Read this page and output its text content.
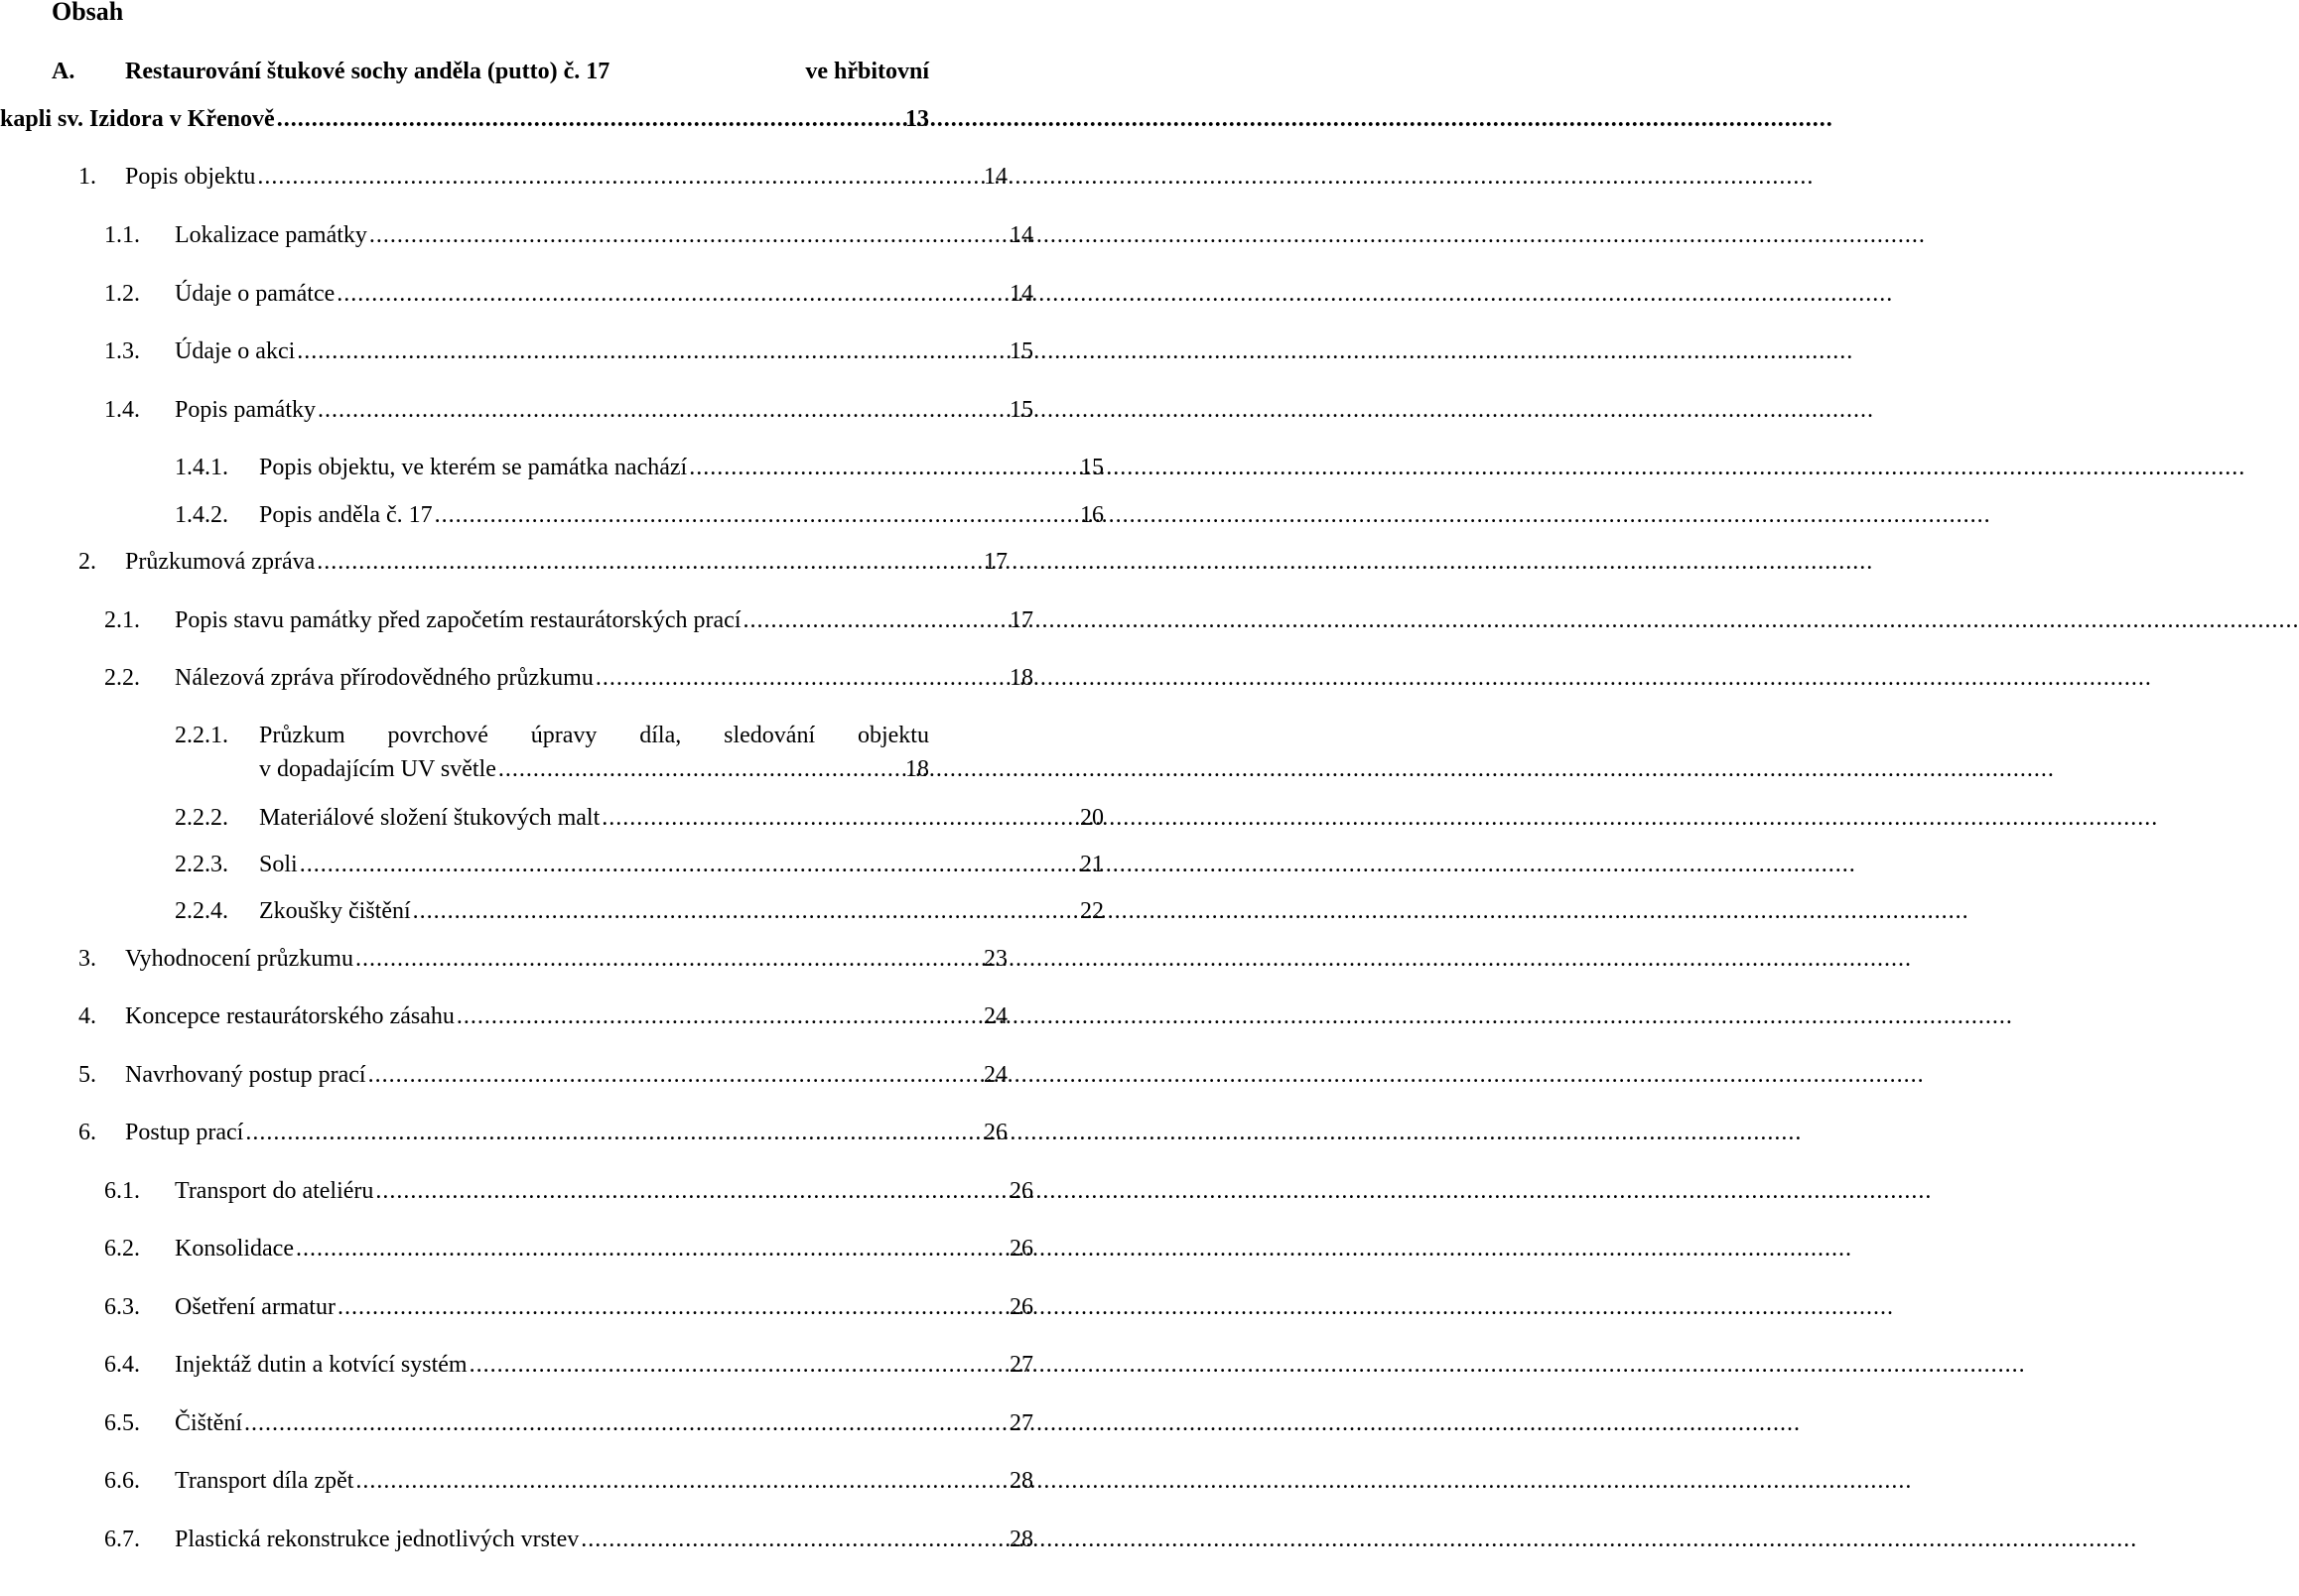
Obsah
A.	Restaurování štukové sochy anděla (putto) č. 17	ve hřbitovní
kapli sv. Izidora v Křenově .....	13
1.	Popis objektu .....	14
1.1.	Lokalizace památky .....	14
1.2.	Údaje o památce .....	14
1.3.	Údaje o akci .....	15
1.4.	Popis památky .....	15
1.4.1.	Popis objektu, ve kterém se památka nachází .....	15
1.4.2.	Popis anděla č. 17 .....	16
2.	Průzkumová zpráva .....	17
2.1.	Popis stavu památky před započetím restaurátorských prací .....	17
2.2.	Nálezová zpráva přírodovědného průzkumu .....	18
2.2.1. Průzkum povrchové úpravy díla, sledování objektu
v dopadajícím UV světle .....	18
2.2.2.	Materiálové složení štukových malt .....	20
2.2.3.	Soli .....	21
2.2.4.	Zkoušky čištění .....	22
3.	Vyhodnocení průzkumu .....	23
4.	Koncepce restaurátorského zásahu .....	24
5.	Navrhovaný postup prací .....	24
6.	Postup prací .....	26
6.1.	Transport do ateliéru .....	26
6.2.	Konsolidace .....	26
6.3.	Ošetření armatur .....	26
6.4.	Injektáž dutin a kotvící systém .....	27
6.5.	Čištění .....	27
6.6.	Transport díla zpět .....	28
6.7.	Plastická rekonstrukce jednotlivých vrstev .....	28
